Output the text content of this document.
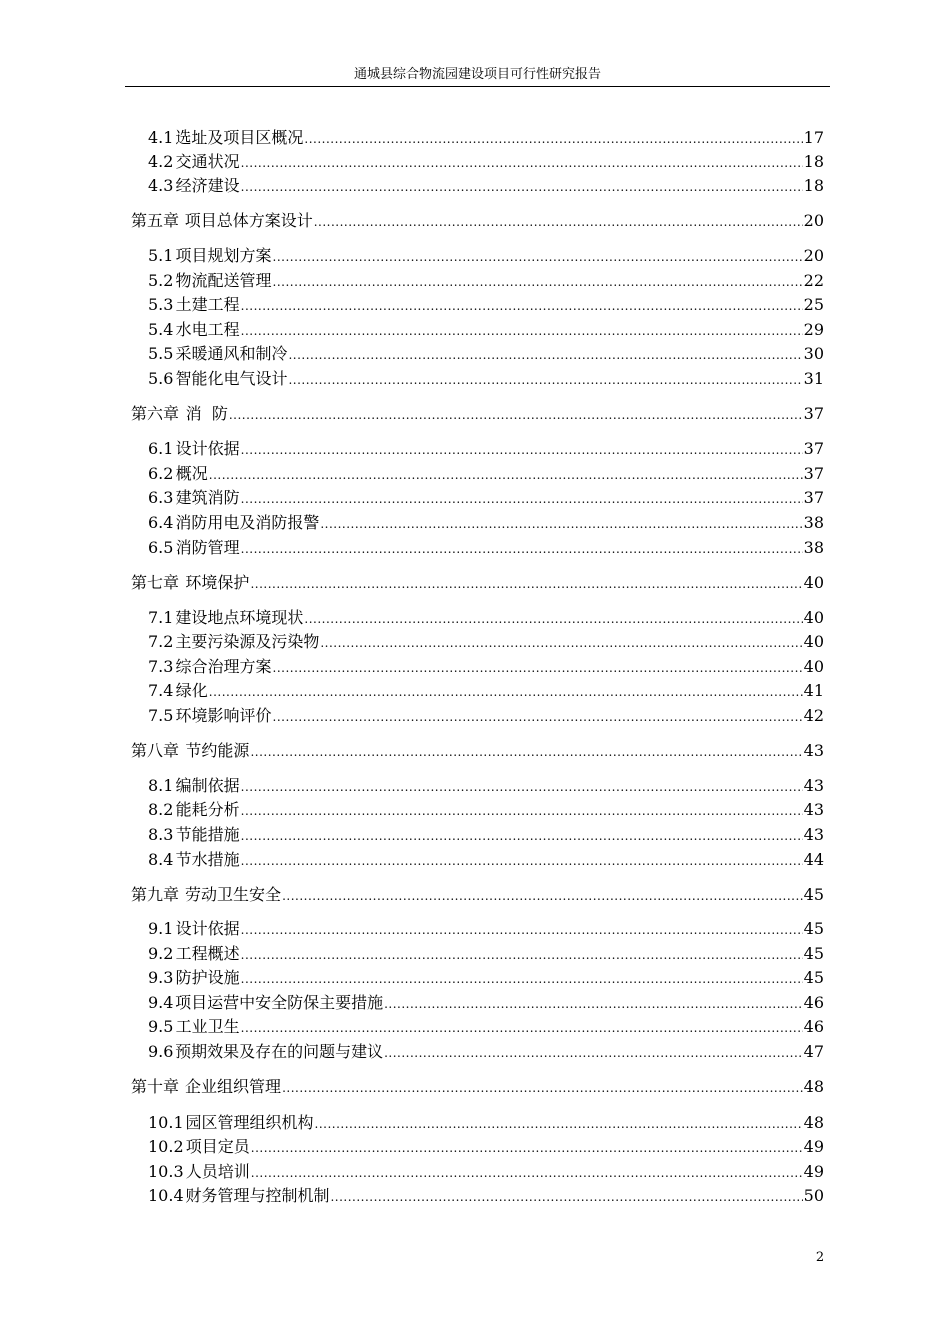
通城县综合物流园建设项目可行性研究报告
4.1 选址及项目区概况 .....	17
4.2 交通状况 .....	18
4.3 经济建设 .....	18
第五章 项目总体方案设计 .....	20
5.1 项目规划方案 .....	20
5.2 物流配送管理 .....	22
5.3 土建工程 .....	25
5.4 水电工程 .....	29
5.5 采暖通风和制冷 .....	30
5.6 智能化电气设计 .....	31
第六章 消  防 .....	37
6.1 设计依据 .....	37
6.2 概况 .....	37
6.3 建筑消防 .....	37
6.4 消防用电及消防报警 .....	38
6.5 消防管理 .....	38
第七章 环境保护 .....	40
7.1 建设地点环境现状 .....	40
7.2 主要污染源及污染物 .....	40
7.3 综合治理方案 .....	40
7.4 绿化 .....	41
7.5 环境影响评价 .....	42
第八章 节约能源 .....	43
8.1 编制依据 .....	43
8.2 能耗分析 .....	43
8.3 节能措施 .....	43
8.4 节水措施 .....	44
第九章 劳动卫生安全 .....	45
9.1 设计依据 .....	45
9.2 工程概述 .....	45
9.3 防护设施 .....	45
9.4 项目运营中安全防保主要措施 .....	46
9.5 工业卫生 .....	46
9.6 预期效果及存在的问题与建议 .....	47
第十章 企业组织管理 .....	48
10.1 园区管理组织机构 .....	48
10.2 项目定员 .....	49
10.3 人员培训 .....	49
10.4 财务管理与控制机制 .....	50
2
